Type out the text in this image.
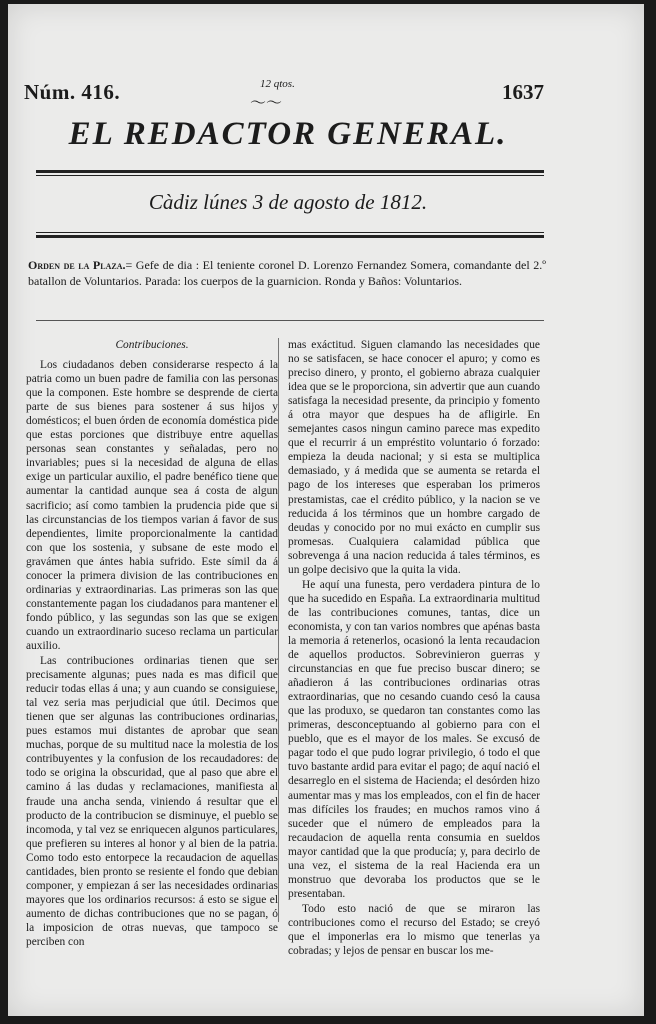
Núm. 416.	12 qtos.
〜〜	1637
EL REDACTOR GENERAL.
Càdiz lúnes 3 de agosto de 1812.
Orden de la Plaza.= Gefe de dia : El teniente coronel D. Lorenzo Fernandez Somera, comandante del 2.º batallon de Voluntarios. Parada: los cuerpos de la guarnicion. Ronda y Baños: Voluntarios.
Contribuciones.

Los ciudadanos deben considerarse respecto á la patria como un buen padre de familia con las personas que la componen. Este hombre se desprende de cierta parte de sus bienes para sostener á sus hijos y domésticos; el buen órden de economía doméstica pide que estas porciones que distribuye entre aquellas personas sean constantes y señaladas, pero no invariables; pues si la necesidad de alguna de ellas exige un particular auxilio, el padre benéfico tiene que aumentar la cantidad aunque sea á costa de algun sacrificio; así como tambien la prudencia pide que si las circunstancias de los tiempos varian á favor de sus dependientes, limite proporcionalmente la cantidad con que los sostenia, y subsane de este modo el gravámen que ántes habia sufrido. Este símil da á conocer la primera division de las contribuciones en ordinarias y extraordinarias. Las primeras son las que constantemente pagan los ciudadanos para mantener el fondo público, y las segundas son las que se exigen cuando un extraordinario suceso reclama un particular auxilio.

Las contribuciones ordinarias tienen que ser precisamente algunas; pues nada es mas dificil que reducir todas ellas á una; y aun cuando se consiguiese, tal vez seria mas perjudicial que útil. Decimos que tienen que ser algunas las contribuciones ordinarias, pues estamos mui distantes de aprobar que sean muchas, porque de su multitud nace la molestia de los contribuyentes y la confusion de los recaudadores: de todo se origina la obscuridad, que al paso que abre el camino á las dudas y reclamaciones, manifiesta al fraude una ancha senda, viniendo á resultar que el producto de la contribucion se disminuye, el pueblo se incomoda, y tal vez se enriquecen algunos particulares, que prefieren su interes al honor y al bien de la patria. Como todo esto entorpece la recaudacion de aquellas cantidades, bien pronto se resiente el fondo que debian componer, y empiezan á ser las necesidades ordinarias mayores que los ordinarios recursos: á esto se sigue el aumento de dichas contribuciones que no se pagan, ó la imposicion de otras nuevas, que tampoco se perciben con

mas exáctitud. Siguen clamando las necesidades que no se satisfacen, se hace conocer el apuro; y como es preciso dinero, y pronto, el gobierno abraza cualquier idea que se le proporciona, sin advertir que aun cuando satisfaga la necesidad presente, da principio y fomento á otra mayor que despues ha de afligirle. En semejantes casos ningun camino parece mas expedito que el recurrir á un empréstito voluntario ó forzado: empieza la deuda nacional; y si esta se multiplica demasiado, y á medida que se aumenta se retarda el pago de los intereses que esperaban los primeros prestamistas, cae el crédito público, y la nacion se ve reducida á los términos que un hombre cargado de deudas y conocido por no mui exácto en cumplir sus promesas. Cualquiera calamidad pública que sobrevenga á una nacion reducida á tales términos, es un golpe decisivo que la quita la vida.

He aquí una funesta, pero verdadera pintura de lo que ha sucedido en España. La extraordinaria multitud de las contribuciones comunes, tantas, dice un economista, y con tan varios nombres que apénas basta la memoria á retenerlos, ocasionó la lenta recaudacion de aquellos productos. Sobrevinieron guerras y circunstancias en que fue preciso buscar dinero; se añadieron á las contribuciones ordinarias otras extraordinarias, que no cesando cuando cesó la causa que las produxo, se quedaron tan constantes como las primeras, desconceptuando al gobierno para con el pueblo, que es el mayor de los males. Se excusó de pagar todo el que pudo lograr privilegio, ó todo el que tuvo bastante ardid para evitar el pago; de aquí nació el desarreglo en el sistema de Hacienda; el desórden hizo aumentar mas y mas los empleados, con el fin de hacer mas difíciles los fraudes; en muchos ramos vino á suceder que el número de empleados para la recaudacion de aquella renta consumia en sueldos mayor cantidad que la que producía; y, para decirlo de una vez, el sistema de la real Hacienda era un monstruo que devoraba los productos que se le presentaban.

Todo esto nació de que se miraron las contribuciones como el recurso del Estado; se creyó que el imponerlas era lo mismo que tenerlas ya cobradas; y lejos de pensar en buscar los me-
